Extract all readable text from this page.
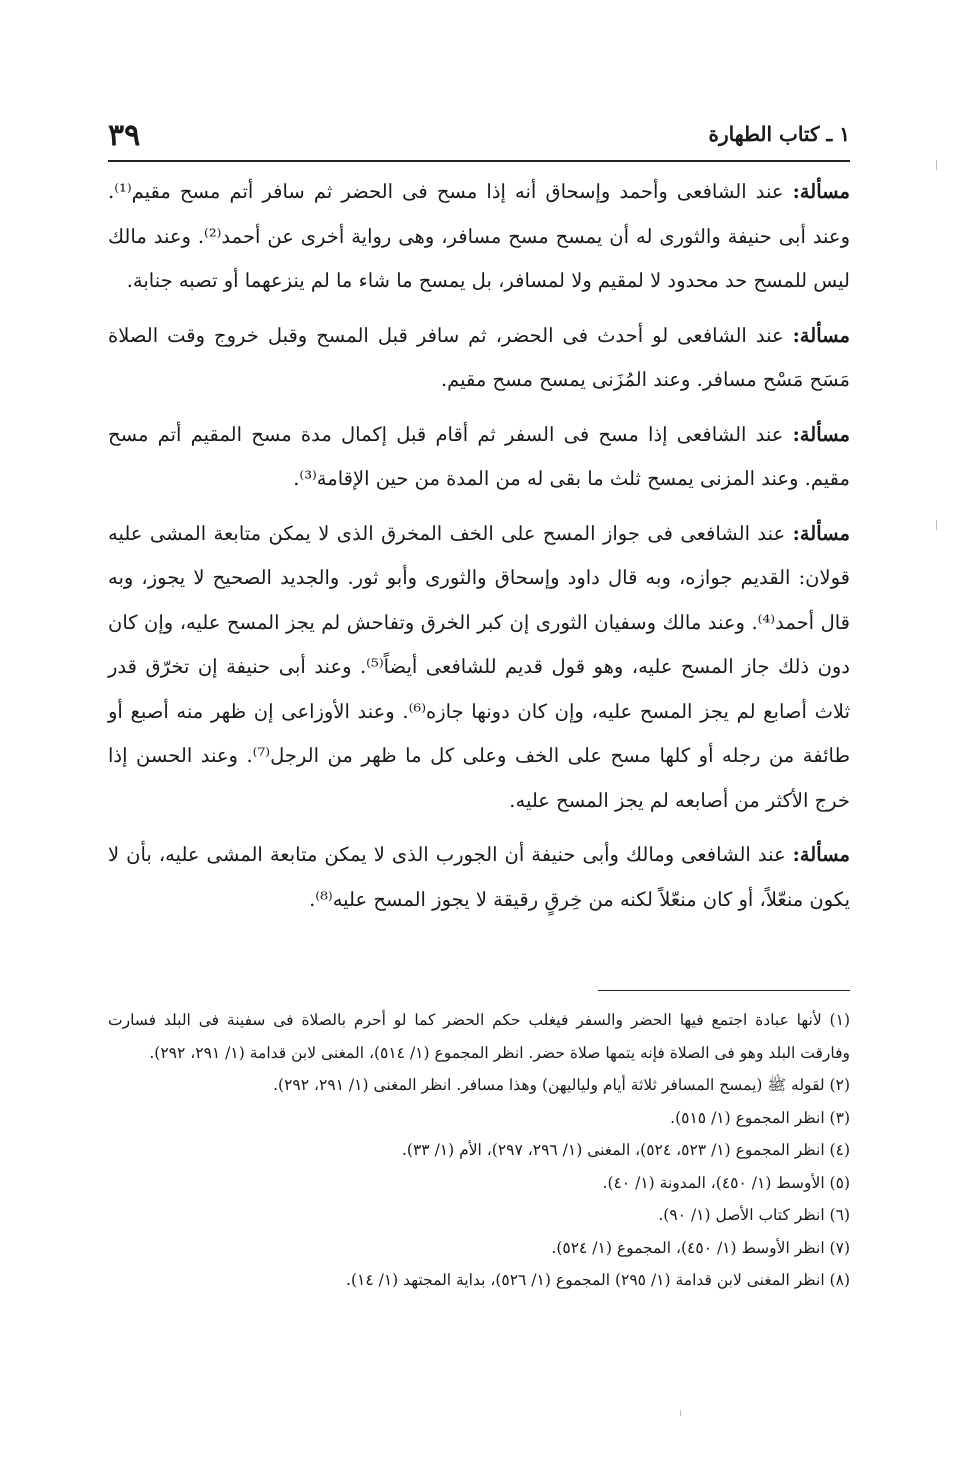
١ ـ كتاب الطهارة
٣٩

مسألة: عند الشافعى وأحمد وإسحاق أنه إذا مسح فى الحضر ثم سافر أتم مسح مقيم⁽¹⁾. وعند أبى حنيفة والثورى له أن يمسح مسح مسافر، وهى رواية أخرى عن أحمد⁽²⁾. وعند مالك ليس للمسح حد محدود لا لمقيم ولا لمسافر، بل يمسح ما شاء ما لم ينزعهما أو تصبه جنابة.

مسألة: عند الشافعى لو أحدث فى الحضر، ثم سافر قبل المسح وقبل خروج وقت الصلاة مَسَح مَسْح مسافر. وعند المُزَنى يمسح مسح مقيم.

مسألة: عند الشافعى إذا مسح فى السفر ثم أقام قبل إكمال مدة مسح المقيم أتم مسح مقيم. وعند المزنى يمسح ثلث ما بقى له من المدة من حين الإقامة⁽³⁾.

مسألة: عند الشافعى فى جواز المسح على الخف المخرق الذى لا يمكن متابعة المشى عليه قولان: القديم جوازه، وبه قال داود وإسحاق والثورى وأبو ثور. والجديد الصحيح لا يجوز، وبه قال أحمد⁽⁴⁾. وعند مالك وسفيان الثورى إن كبر الخرق وتفاحش لم يجز المسح عليه، وإن كان دون ذلك جاز المسح عليه، وهو قول قديم للشافعى أيضاً⁽⁵⁾. وعند أبى حنيفة إن تخرّق قدر ثلاث أصابع لم يجز المسح عليه، وإن كان دونها جازه⁽⁶⁾. وعند الأوزاعى إن ظهر منه أصبع أو طائفة من رجله أو كلها مسح على الخف وعلى كل ما ظهر من الرجل⁽⁷⁾. وعند الحسن إذا خرج الأكثر من أصابعه لم يجز المسح عليه.

مسألة: عند الشافعى ومالك وأبى حنيفة أن الجورب الذى لا يمكن متابعة المشى عليه، بأن لا يكون منعّلاً، أو كان منعّلاً لكنه من خِرقٍ رقيقة لا يجوز المسح عليه⁽⁸⁾.

(١) لأنها عبادة اجتمع فيها الحضر والسفر فيغلب حكم الحضر كما لو أحرم بالصلاة فى سفينة فى البلد فسارت وفارقت البلد وهو فى الصلاة فإنه يتمها صلاة حضر. انظر المجموع (١/ ٥١٤)، المغنى لابن قدامة (١/ ٢٩١، ٢٩٢).

(٢) لقوله ﷺ (يمسح المسافر ثلاثة أيام ولياليهن) وهذا مسافر. انظر المغنى (١/ ٢٩١، ٢٩٢).

(٣) انظر المجموع (١/ ٥١٥).

(٤) انظر المجموع (١/ ٥٢٣، ٥٢٤)، المغنى (١/ ٢٩٦، ٢٩٧)، الأم (١/ ٣٣).

(٥) الأوسط (١/ ٤٥٠)، المدونة (١/ ٤٠).

(٦) انظر كتاب الأصل (١/ ٩٠).

(٧) انظر الأوسط (١/ ٤٥٠)، المجموع (١/ ٥٢٤).

(٨) انظر المغنى لابن قدامة (١/ ٢٩٥) المجموع (١/ ٥٢٦)، بداية المجتهد (١/ ١٤).
